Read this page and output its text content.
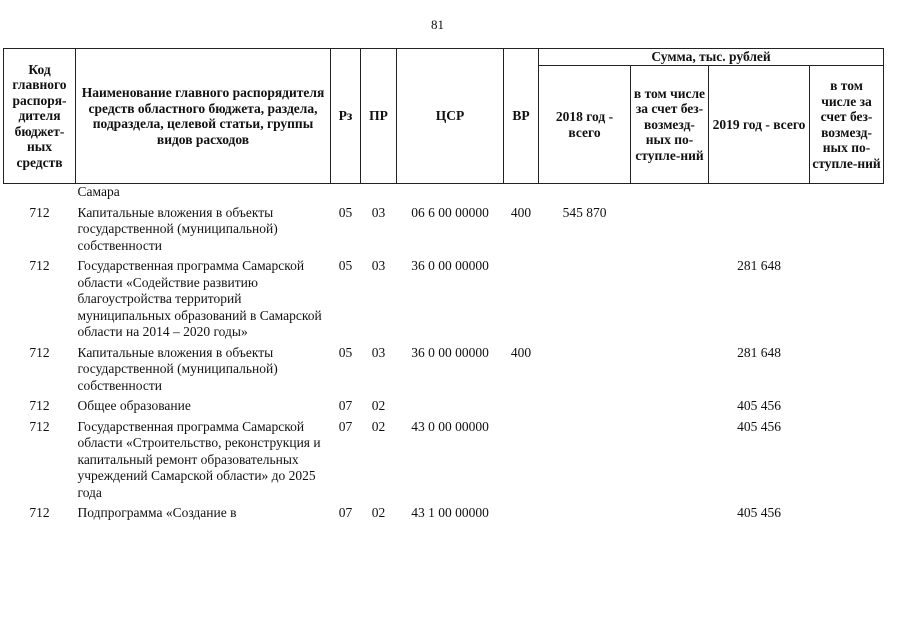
81
Код главного распоря-дителя бюджет-ных средств	Наименование главного распорядителя средств областного бюджета, раздела, подраздела, целевой статьи, группы видов расходов	Рз	ПР	ЦСР	ВР	Сумма, тыс. рублей			
						2018 год - всего	в том числе за счет без-возмезд-ных по-ступле-ний	2019 год - всего	в том числе за счет без-возмезд-ных по-ступле-ний
	Самара								
712	Капитальные вложения в объекты государственной (муниципальной) собственности	05	03	06 6 00 00000	400	545 870			
712	Государственная программа Самарской области «Содействие развитию благоустройства территорий муниципальных образований в Самарской области на 2014 – 2020 годы»	05	03	36 0 00 00000				281 648	
712	Капитальные вложения в объекты государственной (муниципальной) собственности	05	03	36 0 00 00000	400			281 648	
712	Общее образование	07	02					405 456	
712	Государственная программа Самарской области «Строительство, реконструкция и капитальный ремонт образовательных учреждений Самарской области» до 2025 года	07	02	43 0 00 00000				405 456	
712	Подпрограмма «Создание в	07	02	43 1 00 00000				405 456	
